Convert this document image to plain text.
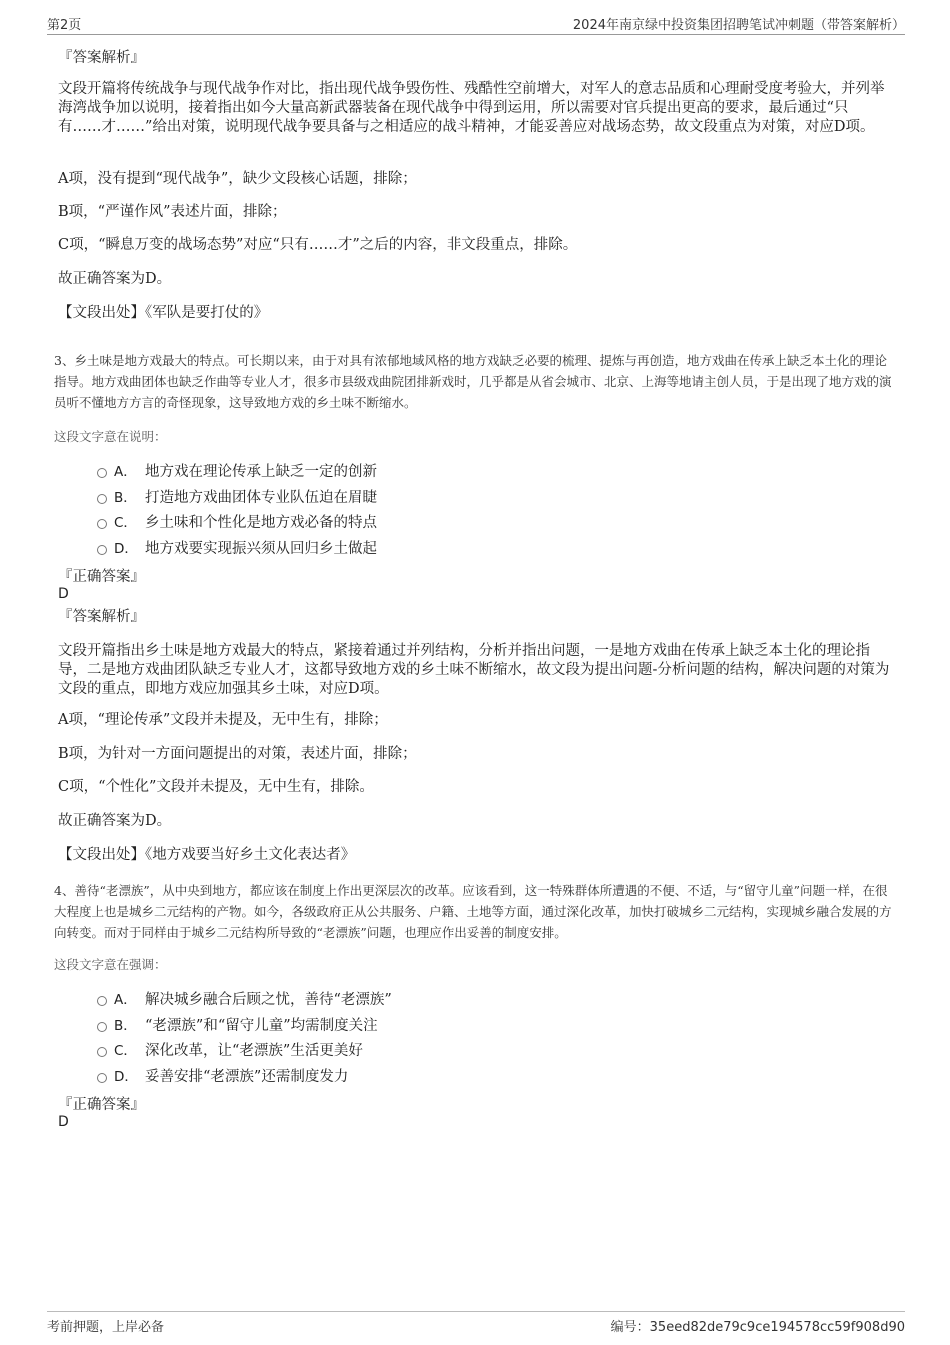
第2页	2024年南京绿中投资集团招聘笔试冲刺题（带答案解析）

『答案解析』

文段开篇将传统战争与现代战争作对比，指出现代战争毁伤性、残酷性空前增大，对军人的意志品质和心理耐受度考验大，并列举海湾战争加以说明，接着指出如今大量高新武器装备在现代战争中得到运用，所以需要对官兵提出更高的要求，最后通过“只有……才……”给出对策，说明现代战争要具备与之相适应的战斗精神，才能妥善应对战场态势，故文段重点为对策，对应D项。

A项，没有提到“现代战争”，缺少文段核心话题，排除；

B项，“严谨作风”表述片面，排除；

C项，“瞬息万变的战场态势”对应“只有……才”之后的内容，非文段重点，排除。

故正确答案为D。

【文段出处】《军队是要打仗的》

3、乡土味是地方戏最大的特点。可长期以来，由于对具有浓郁地域风格的地方戏缺乏必要的梳理、提炼与再创造，地方戏曲在传承上缺乏本土化的理论指导。地方戏曲团体也缺乏作曲等专业人才，很多市县级戏曲院团排新戏时，几乎都是从省会城市、北京、上海等地请主创人员，于是出现了地方戏的演员听不懂地方方言的奇怪现象，这导致地方戏的乡土味不断缩水。

这段文字意在说明：

A． 地方戏在理论传承上缺乏一定的创新
B． 打造地方戏曲团体专业队伍迫在眉睫
C． 乡土味和个性化是地方戏必备的特点
D． 地方戏要实现振兴须从回归乡土做起

『正确答案』

D

『答案解析』

文段开篇指出乡土味是地方戏最大的特点，紧接着通过并列结构，分析并指出问题，一是地方戏曲在传承上缺乏本土化的理论指导，二是地方戏曲团队缺乏专业人才，这都导致地方戏的乡土味不断缩水，故文段为提出问题-分析问题的结构，解决问题的对策为文段的重点，即地方戏应加强其乡土味，对应D项。

A项，“理论传承”文段并未提及，无中生有，排除；

B项，为针对一方面问题提出的对策，表述片面，排除；

C项，“个性化”文段并未提及，无中生有，排除。

故正确答案为D。

【文段出处】《地方戏要当好乡土文化表达者》

4、善待“老漂族”，从中央到地方，都应该在制度上作出更深层次的改革。应该看到，这一特殊群体所遭遇的不便、不适，与“留守儿童”问题一样，在很大程度上也是城乡二元结构的产物。如今，各级政府正从公共服务、户籍、土地等方面，通过深化改革，加快打破城乡二元结构，实现城乡融合发展的方向转变。而对于同样由于城乡二元结构所导致的“老漂族”问题，也理应作出妥善的制度安排。

这段文字意在强调：

A． 解决城乡融合后顾之忧，善待“老漂族”
B． “老漂族”和“留守儿童”均需制度关注
C． 深化改革，让“老漂族”生活更美好
D． 妥善安排“老漂族”还需制度发力

『正确答案』

D
考前押题，上岸必备	编号：35eed82de79c9ce194578cc59f908d90
